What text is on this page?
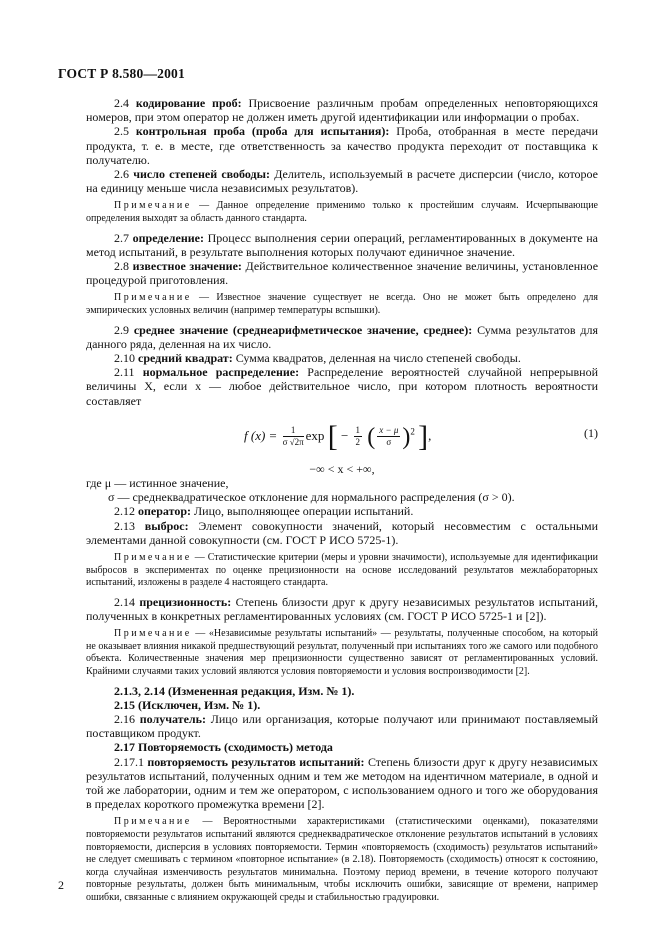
ГОСТ Р 8.580—2001

2.4 кодирование проб: Присвоение различным пробам определенных неповторяющихся номеров, при этом оператор не должен иметь другой идентификации или информации о пробах.

2.5 контрольная проба (проба для испытания): Проба, отобранная в месте передачи продукта, т. е. в месте, где ответственность за качество продукта переходит от поставщика к получателю.

2.6 число степеней свободы: Делитель, используемый в расчете дисперсии (число, которое на единицу меньше числа независимых результатов).

Примечание — Данное определение применимо только к простейшим случаям. Исчерпывающие определения выходят за область данного стандарта.

2.7 определение: Процесс выполнения серии операций, регламентированных в документе на метод испытаний, в результате выполнения которых получают единичное значение.

2.8 известное значение: Действительное количественное значение величины, установленное процедурой приготовления.

Примечание — Известное значение существует не всегда. Оно не может быть определено для эмпирических условных величин (например температуры вспышки).

2.9 среднее значение (среднеарифметическое значение, среднее): Сумма результатов для данного ряда, деленная на их число.

2.10 средний квадрат: Сумма квадратов, деленная на число степеней свободы.

2.11 нормальное распределение: Распределение вероятностей случайной непрерывной величины X, если x — любое действительное число, при котором плотность вероятности составляет

f $(x) = \frac{1}{\sigma √2\pi}$ exp [ − $\frac{1}{2}$ ( $\frac{x - \mu}{\sigma} )^2$ ],	(1)

−∞ < x < +∞,

где μ — истинное значение,

σ — среднеквадратическое отклонение для нормального распределения (σ > 0).

2.12 оператор: Лицо, выполняющее операции испытаний.

2.13 выброс: Элемент совокупности значений, который несовместим с остальными элементами данной совокупности (см. ГОСТ Р ИСО 5725-1).

Примечание — Статистические критерии (меры и уровни значимости), используемые для идентификации выбросов в экспериментах по оценке прецизионности на основе исследований результатов межлабораторных испытаний, изложены в разделе 4 настоящего стандарта.

2.14 прецизионность: Степень близости друг к другу независимых результатов испытаний, полученных в конкретных регламентированных условиях (см. ГОСТ Р ИСО 5725-1 и [2]).

Примечание — «Независимые результаты испытаний» — результаты, полученные способом, на который не оказывает влияния никакой предшествующий результат, полученный при испытаниях того же самого или подобного объекта. Количественные значения мер прецизионности существенно зависят от регламентированных условий. Крайними случаями таких условий являются условия повторяемости и условия воспроизводимости [2].

2.1.3, 2.14 (Измененная редакция, Изм. № 1).

2.15 (Исключен, Изм. № 1).

2.16 получатель: Лицо или организация, которые получают или принимают поставляемый поставщиком продукт.

2.17 Повторяемость (сходимость) метода

2.17.1 повторяемость результатов испытаний: Степень близости друг к другу независимых результатов испытаний, полученных одним и тем же методом на идентичном материале, в одной и той же лаборатории, одним и тем же оператором, с использованием одного и того же оборудования в пределах короткого промежутка времени [2].

Примечание — Вероятностными характеристиками (статистическими оценками), показателями повторяемости результатов испытаний являются среднеквадратическое отклонение результатов испытаний в условиях повторяемости, дисперсия в условиях повторяемости. Термин «повторяемость (сходимость) результатов испытаний» не следует смешивать с термином «повторное испытание» (в 2.18). Повторяемость (сходимость) относят к состоянию, когда случайная изменчивость результатов минимальна. Поэтому период времени, в течение которого получают повторные результаты, должен быть минимальным, чтобы исключить ошибки, зависящие от времени, например ошибки, связанные с влиянием окружающей среды и стабильностью градуировки.

2
